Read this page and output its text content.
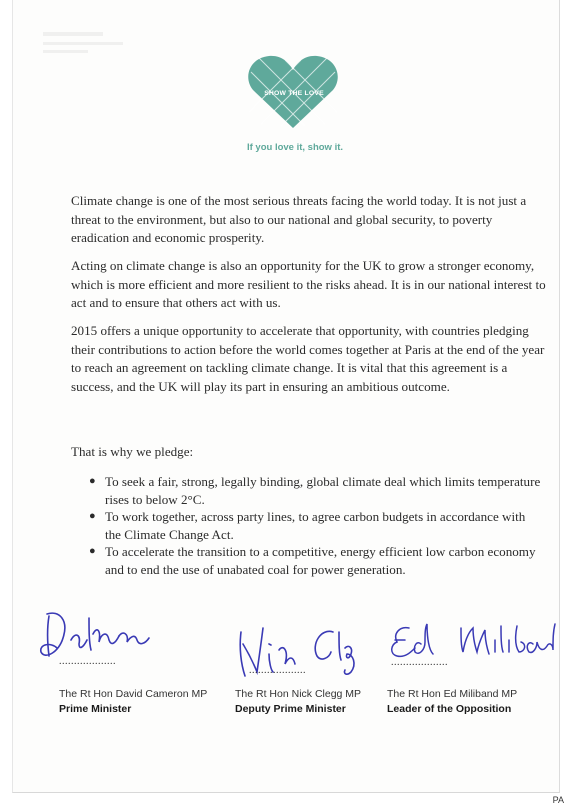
SHOW THE LOVE
If you love it, show it.

Climate change is one of the most serious threats facing the world today. It is not just a threat to the environment, but also to our national and global security, to poverty eradication and economic prosperity.

Acting on climate change is also an opportunity for the UK to grow a stronger economy, which is more efficient and more resilient to the risks ahead. It is in our national interest to act and to ensure that others act with us.

2015 offers a unique opportunity to accelerate that opportunity, with countries pledging their contributions to action before the world comes together at Paris at the end of the year to reach an agreement on tackling climate change. It is vital that this agreement is a success, and the UK will play its part in ensuring an ambitious outcome.

That is why we pledge:
● To seek a fair, strong, legally binding, global climate deal which limits temperature rises to below 2°C.
● To work together, across party lines, to agree carbon budgets in accordance with the Climate Change Act.
● To accelerate the transition to a competitive, energy efficient low carbon economy and to end the use of unabated coal for power generation.
...................
The Rt Hon David Cameron MP
Prime Minister
...................
The Rt Hon Nick Clegg MP
Deputy Prime Minister
...................
The Rt Hon Ed Miliband MP
Leader of the Opposition
PA
